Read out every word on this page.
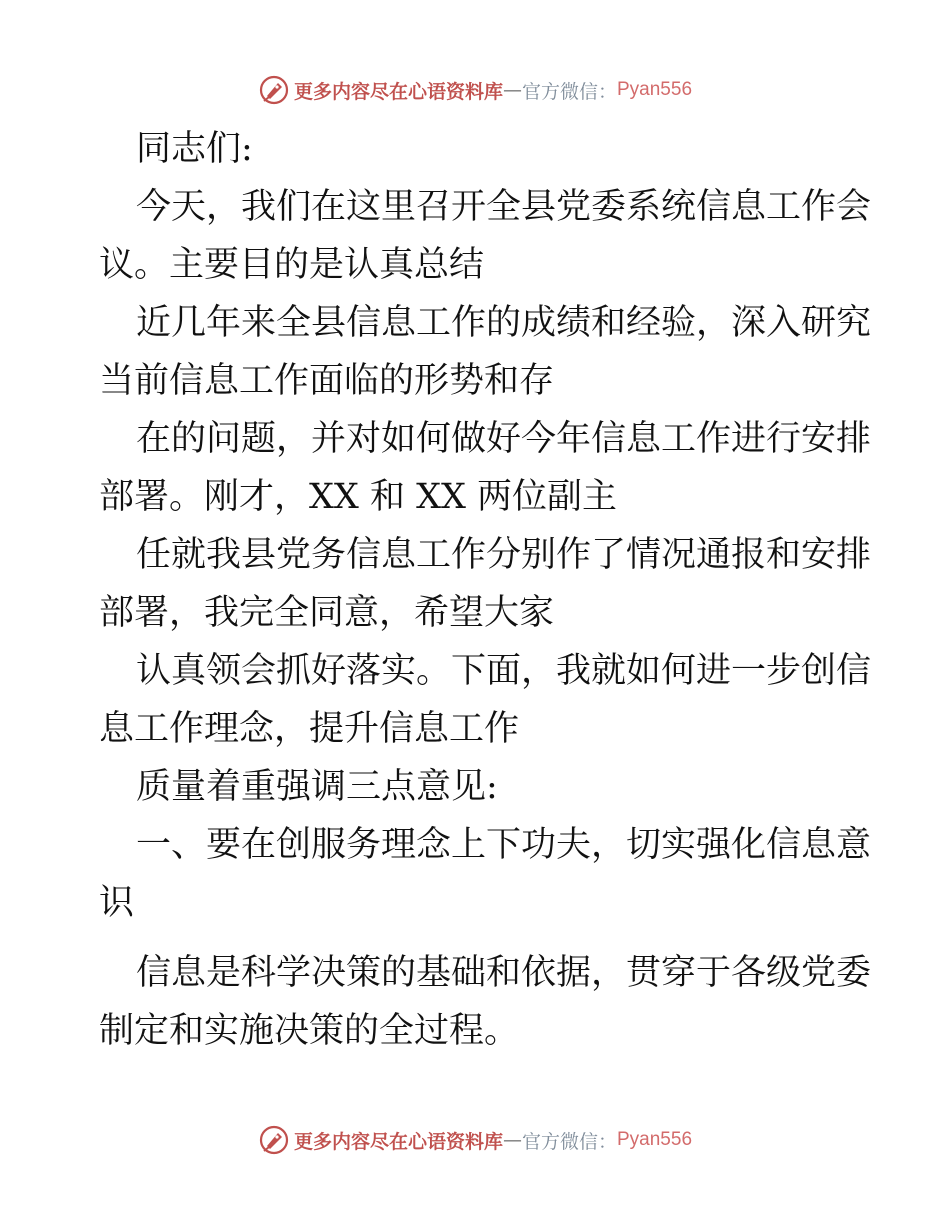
更多内容尽在心语资料库 — 官方微信： Pyan556
同志们:
今天，我们在这里召开全县党委系统信息工作会
议。主要目的是认真总结
近几年来全县信息工作的成绩和经验，深入研究
当前信息工作面临的形势和存
在的问题，并对如何做好今年信息工作进行安排
部署。刚才，XX 和 XX 两位副主
任就我县党务信息工作分别作了情况通报和安排
部署，我完全同意，希望大家
认真领会抓好落实。下面，我就如何进一步创信
息工作理念，提升信息工作
质量着重强调三点意见:
一、要在创服务理念上下功夫，切实强化信息意
识
信息是科学决策的基础和依据，贯穿于各级党委
制定和实施决策的全过程。
更多内容尽在心语资料库 — 官方微信： Pyan556
